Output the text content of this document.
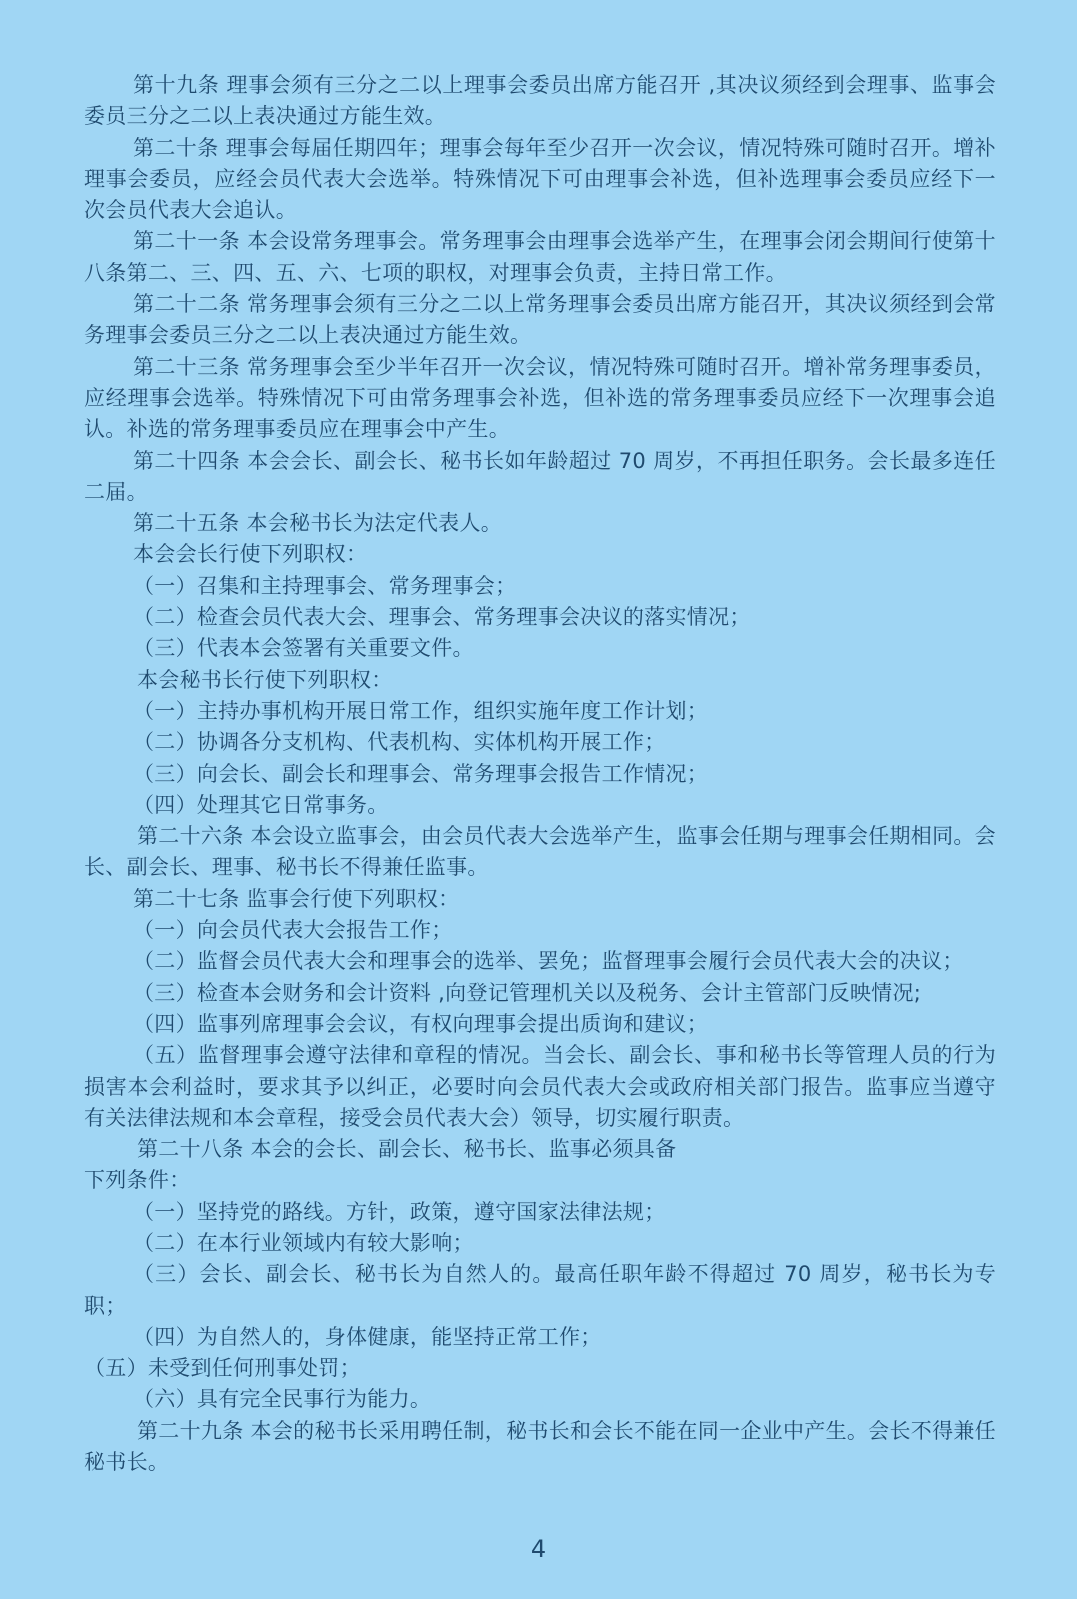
第十九条 理事会须有三分之二以上理事会委员出席方能召开 ,其决议须经到会理事、监事会委员三分之二以上表决通过方能生效。

第二十条 理事会每届任期四年；理事会每年至少召开一次会议，情况特殊可随时召开。增补理事会委员，应经会员代表大会选举。特殊情况下可由理事会补选，但补选理事会委员应经下一次会员代表大会追认。

第二十一条 本会设常务理事会。常务理事会由理事会选举产生，在理事会闭会期间行使第十八条第二、三、四、五、六、七项的职权，对理事会负责，主持日常工作。

第二十二条 常务理事会须有三分之二以上常务理事会委员出席方能召开，其决议须经到会常务理事会委员三分之二以上表决通过方能生效。

第二十三条 常务理事会至少半年召开一次会议，情况特殊可随时召开。增补常务理事委员，应经理事会选举。特殊情况下可由常务理事会补选，但补选的常务理事委员应经下一次理事会追认。补选的常务理事委员应在理事会中产生。

第二十四条 本会会长、副会长、秘书长如年龄超过 70 周岁，不再担任职务。会长最多连任二届。

第二十五条 本会秘书长为法定代表人。

本会会长行使下列职权：

（一）召集和主持理事会、常务理事会；

（二）检查会员代表大会、理事会、常务理事会决议的落实情况；

（三）代表本会签署有关重要文件。

本会秘书长行使下列职权：

（一）主持办事机构开展日常工作，组织实施年度工作计划；

（二）协调各分支机构、代表机构、实体机构开展工作；

（三）向会长、副会长和理事会、常务理事会报告工作情况；

（四）处理其它日常事务。

第二十六条 本会设立监事会，由会员代表大会选举产生，监事会任期与理事会任期相同。会长、副会长、理事、秘书长不得兼任监事。

第二十七条 监事会行使下列职权：

（一）向会员代表大会报告工作；

（二）监督会员代表大会和理事会的选举、罢免；监督理事会履行会员代表大会的决议；

（三）检查本会财务和会计资料 ,向登记管理机关以及税务、会计主管部门反映情况;

（四）监事列席理事会会议，有权向理事会提出质询和建议；

（五）监督理事会遵守法律和章程的情况。当会长、副会长、事和秘书长等管理人员的行为损害本会利益时，要求其予以纠正，必要时向会员代表大会或政府相关部门报告。监事应当遵守有关法律法规和本会章程，接受会员代表大会）领导，切实履行职责。

第二十八条 本会的会长、副会长、秘书长、监事必须具备

下列条件：

（一）坚持党的路线。方针，政策，遵守国家法律法规；

（二）在本行业领域内有较大影响；

（三）会长、副会长、秘书长为自然人的。最高任职年龄不得超过 70 周岁，秘书长为专职；

（四）为自然人的，身体健康，能坚持正常工作；

（五）未受到任何刑事处罚；

（六）具有完全民事行为能力。

第二十九条 本会的秘书长采用聘任制，秘书长和会长不能在同一企业中产生。会长不得兼任秘书长。

4
